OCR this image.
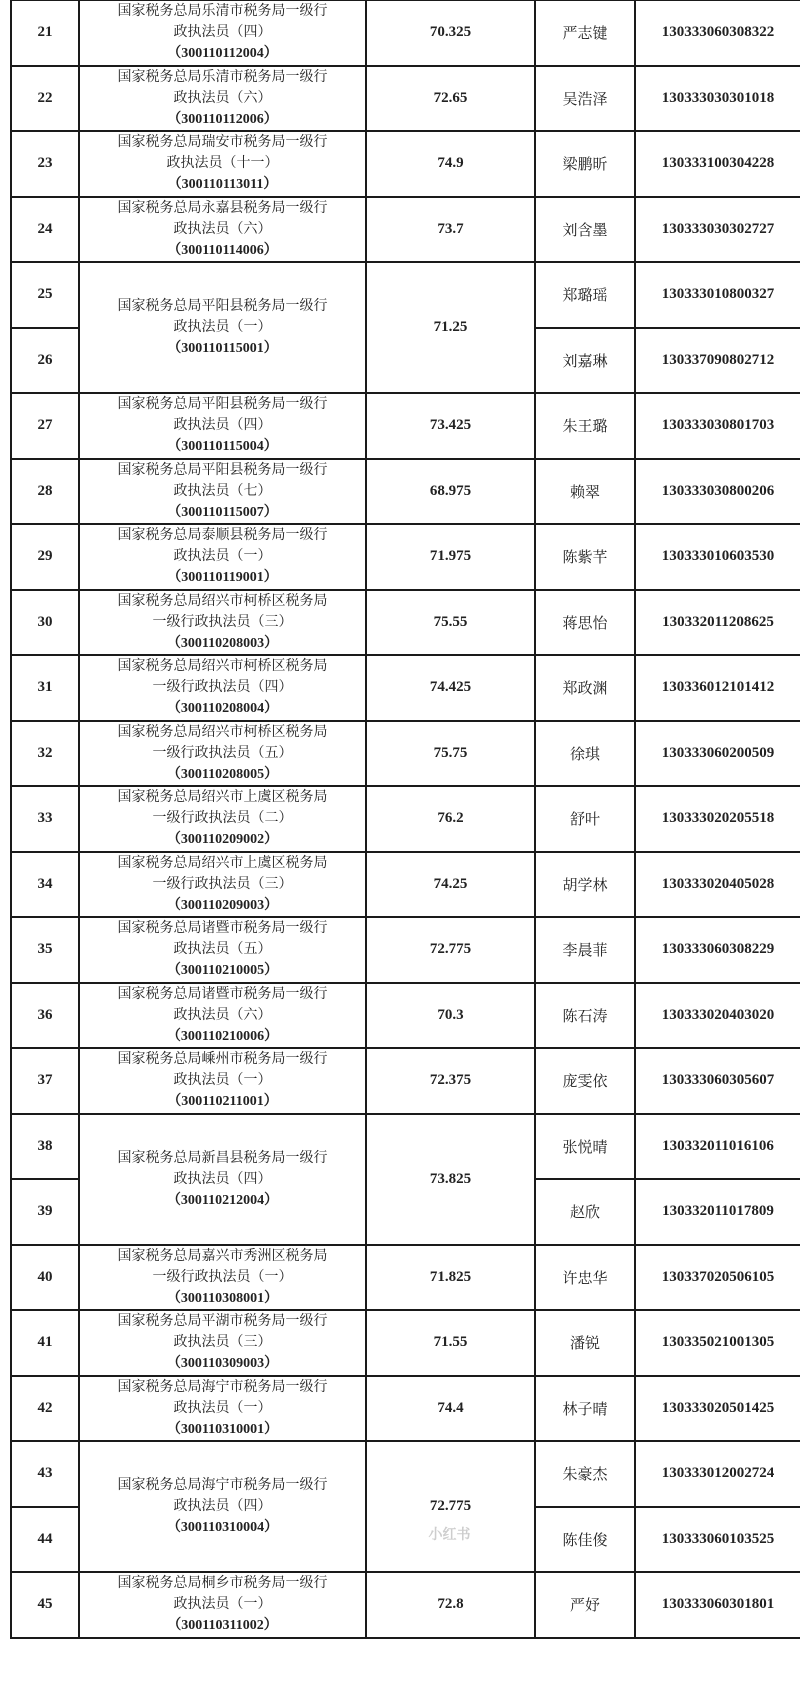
21	国家税务总局乐清市税务局一级行
政执法员（四）
（300110112004）	70.325	严志键	130333060308322
22	国家税务总局乐清市税务局一级行
政执法员（六）
（300110112006）	72.65	吴浩泽	130333030301018
23	国家税务总局瑞安市税务局一级行
政执法员（十一）
（300110113011）	74.9	梁鹏昕	130333100304228
24	国家税务总局永嘉县税务局一级行
政执法员（六）
（300110114006）	73.7	刘含墨	130333030302727
25	国家税务总局平阳县税务局一级行
政执法员（一）
（300110115001）	71.25	郑璐瑶	130333010800327
26			刘嘉琳	130337090802712
27	国家税务总局平阳县税务局一级行
政执法员（四）
（300110115004）	73.425	朱王璐	130333030801703
28	国家税务总局平阳县税务局一级行
政执法员（七）
（300110115007）	68.975	赖翠	130333030800206
29	国家税务总局泰顺县税务局一级行
政执法员（一）
（300110119001）	71.975	陈紫芊	130333010603530
30	国家税务总局绍兴市柯桥区税务局
一级行政执法员（三）
（300110208003）	75.55	蒋思怡	130332011208625
31	国家税务总局绍兴市柯桥区税务局
一级行政执法员（四）
（300110208004）	74.425	郑政渊	130336012101412
32	国家税务总局绍兴市柯桥区税务局
一级行政执法员（五）
（300110208005）	75.75	徐琪	130333060200509
33	国家税务总局绍兴市上虞区税务局
一级行政执法员（二）
（300110209002）	76.2	舒叶	130333020205518
34	国家税务总局绍兴市上虞区税务局
一级行政执法员（三）
（300110209003）	74.25	胡学林	130333020405028
35	国家税务总局诸暨市税务局一级行
政执法员（五）
（300110210005）	72.775	李晨菲	130333060308229
36	国家税务总局诸暨市税务局一级行
政执法员（六）
（300110210006）	70.3	陈石涛	130333020403020
37	国家税务总局嵊州市税务局一级行
政执法员（一）
（300110211001）	72.375	庞雯依	130333060305607
38	国家税务总局新昌县税务局一级行
政执法员（四）
（300110212004）	73.825	张悦晴	130332011016106
39			赵欣	130332011017809
40	国家税务总局嘉兴市秀洲区税务局
一级行政执法员（一）
（300110308001）	71.825	许忠华	130337020506105
41	国家税务总局平湖市税务局一级行
政执法员（三）
（300110309003）	71.55	潘锐	130335021001305
42	国家税务总局海宁市税务局一级行
政执法员（一）
（300110310001）	74.4	林子晴	130333020501425
43	国家税务总局海宁市税务局一级行
政执法员（四）
（300110310004）	72.775	朱豪杰	130333012002724
44			陈佳俊	130333060103525
45	国家税务总局桐乡市税务局一级行
政执法员（一）
（300110311002）	72.8	严妤	130333060301801
小红书
